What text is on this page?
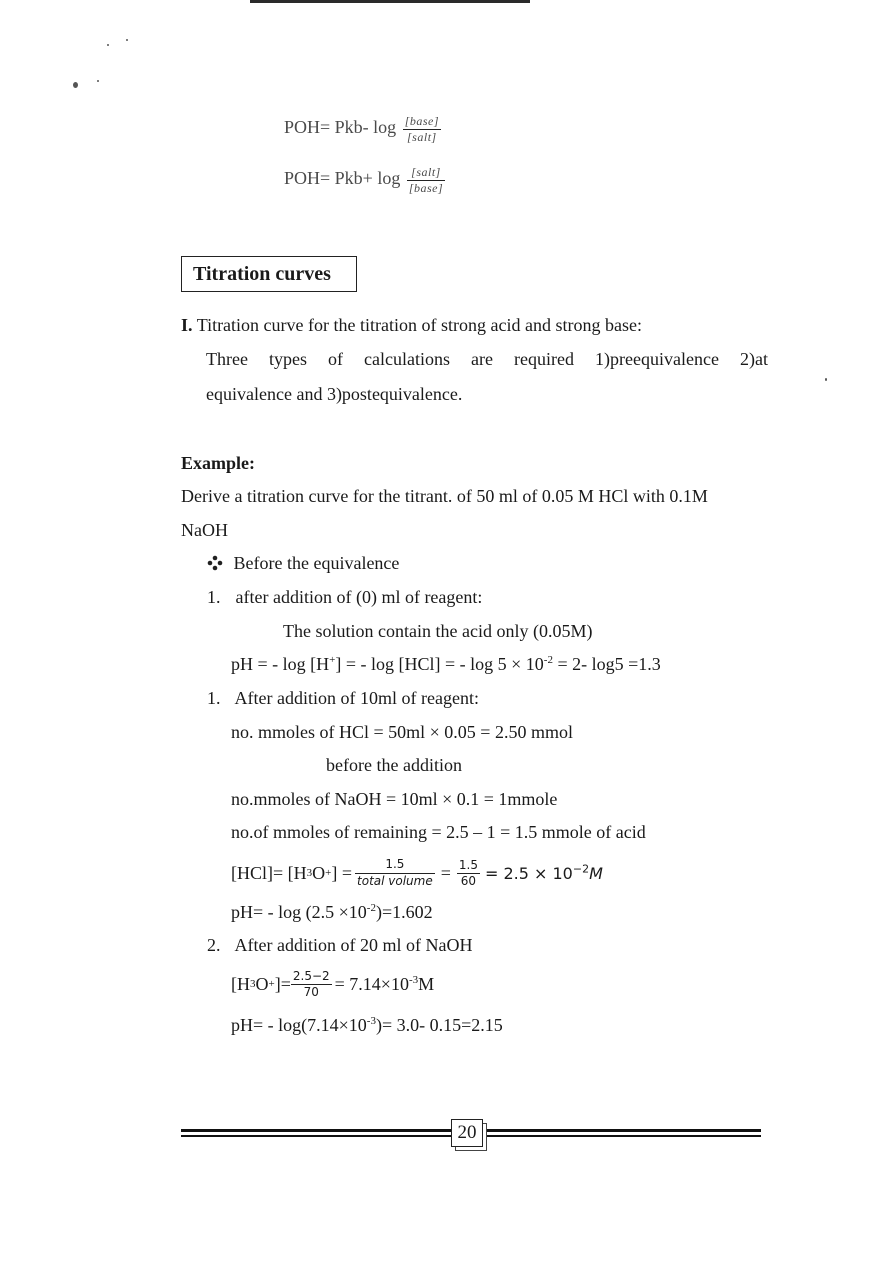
POH= Pkb- $\log \frac{\text{[base]}}{\text{[salt]}}$
$POH= Pkb+ \log \frac{\text{[salt]}}{\text{[base]}}$
Titration curves
I. Titration curve for the titration of strong acid and strong base:
Three types of calculations are required 1)preequivalence 2)at
equivalence and 3)postequivalence.
Example:
Derive a titration curve for the titrant. of 50 ml of 0.05 M HCl with 0.1M
NaOH
Before the equivalence
1. after addition of (0) ml of reagent:
The solution contain the acid only (0.05M)
pH = - log [H+] = - log [HCl] = - $\log 5 \times 10^{-2} = 2-$ log5 =1.3
1. After addition of 10ml of reagent:
no. mmoles of HCl = 50ml × 0.05 = 2.50 mmol
before the addition
no.mmoles of NaOH = 10ml × 0.1 = 1mmole
no.of mmoles of remaining = 2.5 – 1 = 1.5 mmole of acid
[HCl]= [H 3 O + ] = $\frac{1.5}{\text{total volume}} = \frac{1.5}{60} = 2.5 \times 10^{-2}M$
$pH= - \log (2.5 \times 10^{-2})=1.602$
2. After addition of 20 ml of NaOH
[H 3 O + ]= $\frac{2.5-2}{70} = 7.14\times 10^{-3}M$
$pH= - \log(7.14\times 10^{-3})= 3.0-$ 0.15=2.15
20
